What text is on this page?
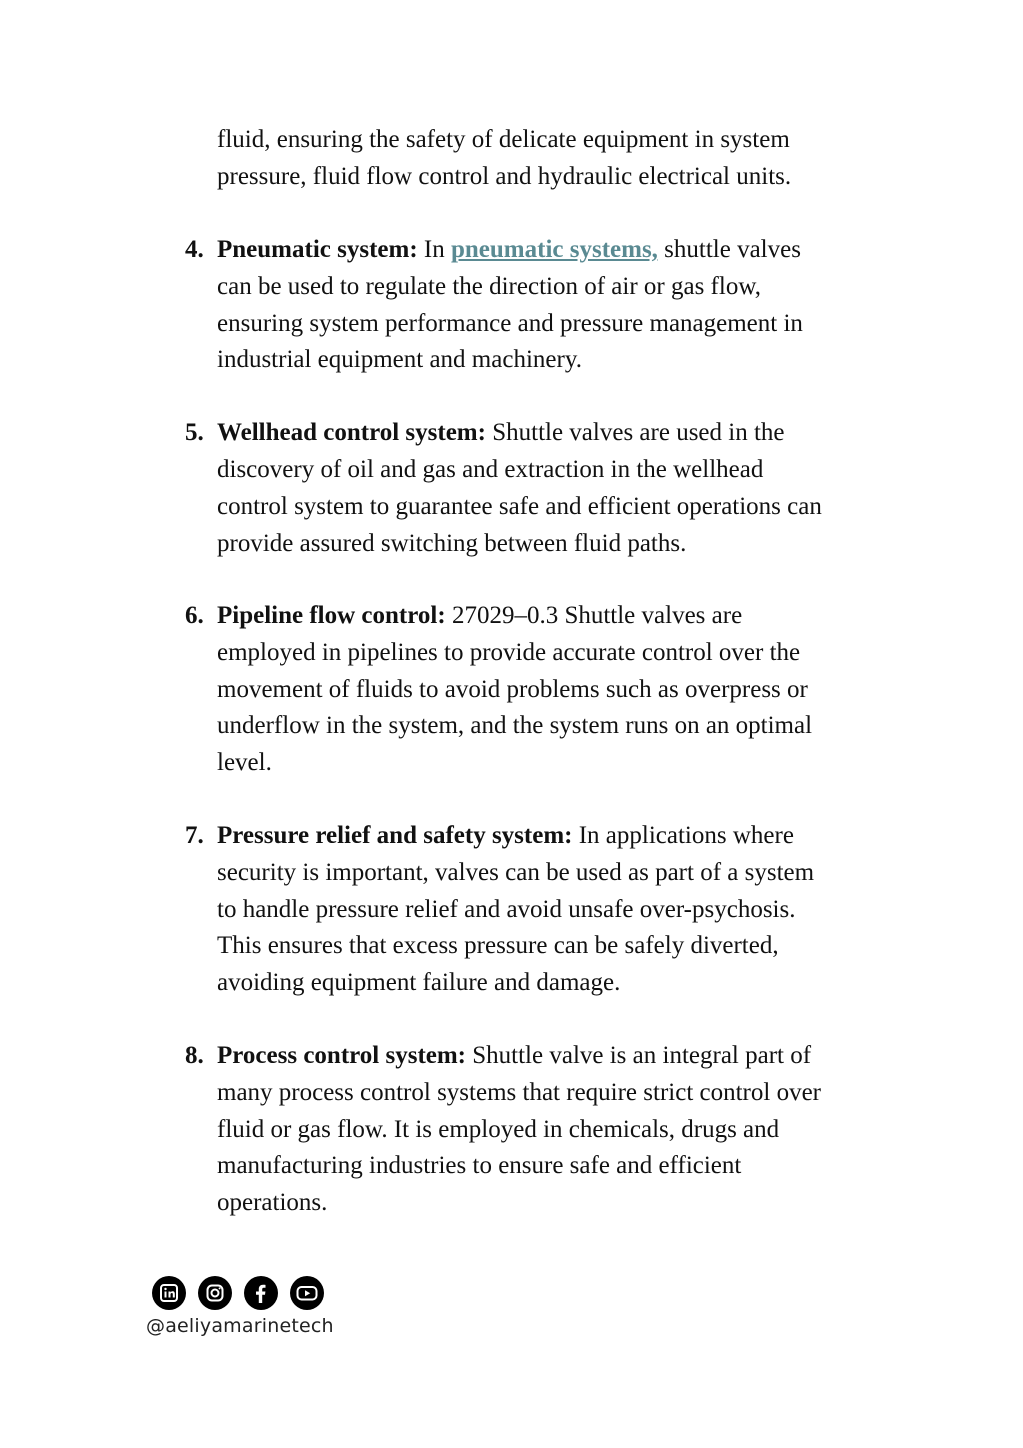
fluid, ensuring the safety of delicate equipment in system
pressure, fluid flow control and hydraulic electrical units.
4. Pneumatic system: In pneumatic systems, shuttle valves
can be used to regulate the direction of air or gas flow,
ensuring system performance and pressure management in
industrial equipment and machinery.
5. Wellhead control system: Shuttle valves are used in the
discovery of oil and gas and extraction in the wellhead
control system to guarantee safe and efficient operations can
provide assured switching between fluid paths.
6. Pipeline flow control: 27029–0.3 Shuttle valves are
employed in pipelines to provide accurate control over the
movement of fluids to avoid problems such as overpress or
underflow in the system, and the system runs on an optimal
level.
7. Pressure relief and safety system: In applications where
security is important, valves can be used as part of a system
to handle pressure relief and avoid unsafe over-psychosis.
This ensures that excess pressure can be safely diverted,
avoiding equipment failure and damage.
8. Process control system: Shuttle valve is an integral part of
many process control systems that require strict control over
fluid or gas flow. It is employed in chemicals, drugs and
manufacturing industries to ensure safe and efficient
operations.
@aeliyamarinetech
